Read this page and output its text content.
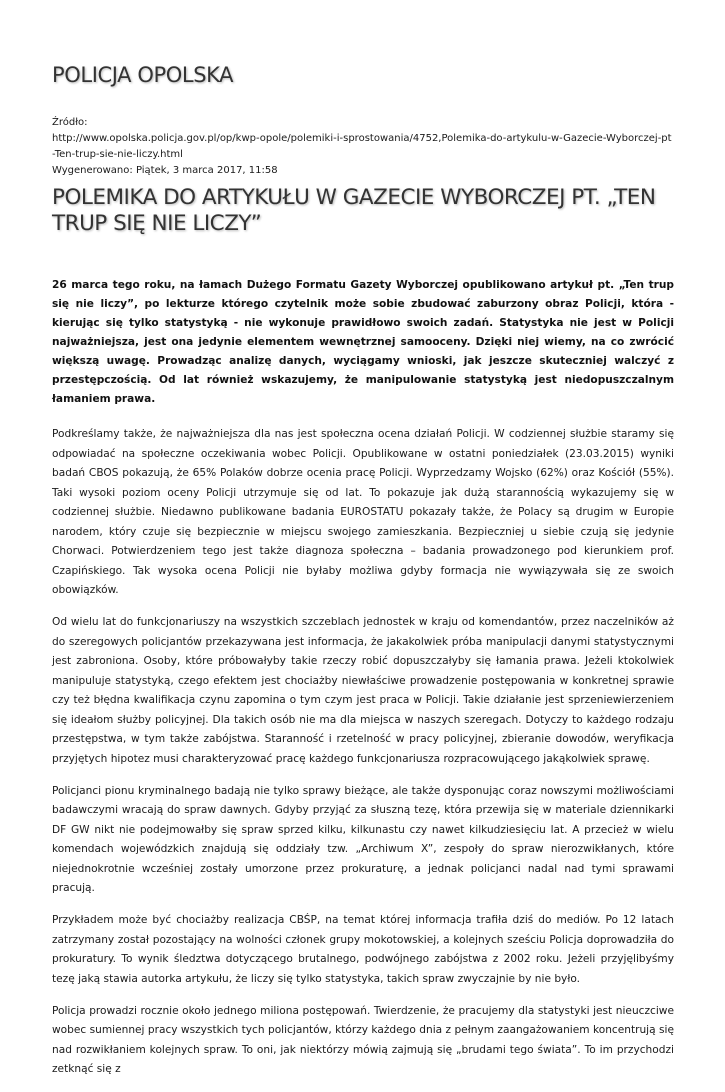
POLICJA OPOLSKA
Źródło:
http://www.opolska.policja.gov.pl/op/kwp-opole/polemiki-i-sprostowania/4752,Polemika-do-artykulu-w-Gazecie-Wyborczej-pt-Ten-trup-sie-nie-liczy.html
Wygenerowano: Piątek, 3 marca 2017, 11:58
POLEMIKA DO ARTYKUŁU W GAZECIE WYBORCZEJ PT. „TEN TRUP SIĘ NIE LICZY”

26 marca tego roku, na łamach Dużego Formatu Gazety Wyborczej opublikowano artykuł pt. „Ten trup się nie liczy”, po lekturze którego czytelnik może sobie zbudować zaburzony obraz Policji, która - kierując się tylko statystyką - nie wykonuje prawidłowo swoich zadań. Statystyka nie jest w Policji najważniejsza, jest ona jedynie elementem wewnętrznej samooceny. Dzięki niej wiemy, na co zwrócić większą uwagę. Prowadząc analizę danych, wyciągamy wnioski, jak jeszcze skuteczniej walczyć z przestępczością. Od lat również wskazujemy, że manipulowanie statystyką jest niedopuszczalnym łamaniem prawa.

Podkreślamy także, że najważniejsza dla nas jest społeczna ocena działań Policji. W codziennej służbie staramy się odpowiadać na społeczne oczekiwania wobec Policji. Opublikowane w ostatni poniedziałek (23.03.2015) wyniki badań CBOS pokazują, że 65% Polaków dobrze ocenia pracę Policji. Wyprzedzamy Wojsko (62%) oraz Kościół (55%). Taki wysoki poziom oceny Policji utrzymuje się od lat. To pokazuje jak dużą starannością wykazujemy się w codziennej służbie. Niedawno publikowane badania EUROSTATU pokazały także, że Polacy są drugim w Europie narodem, który czuje się bezpiecznie w miejscu swojego zamieszkania. Bezpieczniej u siebie czują się jedynie Chorwaci. Potwierdzeniem tego jest także diagnoza społeczna – badania prowadzonego pod kierunkiem prof. Czapińskiego. Tak wysoka ocena Policji nie byłaby możliwa gdyby formacja nie wywiązywała się ze swoich obowiązków.

Od wielu lat do funkcjonariuszy na wszystkich szczeblach jednostek w kraju od komendantów, przez naczelników aż do szeregowych policjantów przekazywana jest informacja, że jakakolwiek próba manipulacji danymi statystycznymi jest zabroniona. Osoby, które próbowałyby takie rzeczy robić dopuszczałyby się łamania prawa. Jeżeli ktokolwiek manipuluje statystyką, czego efektem jest chociażby niewłaściwe prowadzenie postępowania w konkretnej sprawie czy też błędna kwalifikacja czynu zapomina o tym czym jest praca w Policji. Takie działanie jest sprzeniewierzeniem się ideałom służby policyjnej. Dla takich osób nie ma dla miejsca w naszych szeregach. Dotyczy to każdego rodzaju przestępstwa, w tym także zabójstwa. Staranność i rzetelność w pracy policyjnej, zbieranie dowodów, weryfikacja przyjętych hipotez musi charakteryzować pracę każdego funkcjonariusza rozpracowującego jakąkolwiek sprawę.

Policjanci pionu kryminalnego badają nie tylko sprawy bieżące, ale także dysponując coraz nowszymi możliwościami badawczymi wracają do spraw dawnych. Gdyby przyjąć za słuszną tezę, która przewija się w materiale dziennikarki DF GW nikt nie podejmowałby się spraw sprzed kilku, kilkunastu czy nawet kilkudziesięciu lat. A przecież w wielu komendach wojewódzkich znajdują się oddziały tzw. „Archiwum X”, zespoły do spraw nierozwikłanych, które niejednokrotnie wcześniej zostały umorzone przez prokuraturę, a jednak policjanci nadal nad tymi sprawami pracują.

Przykładem może być chociażby realizacja CBŚP, na temat której informacja trafiła dziś do mediów. Po 12 latach zatrzymany został pozostający na wolności członek grupy mokotowskiej, a kolejnych sześciu Policja doprowadziła do prokuratury. To wynik śledztwa dotyczącego brutalnego, podwójnego zabójstwa z 2002 roku. Jeżeli przyjęlibyśmy tezę jaką stawia autorka artykułu, że liczy się tylko statystyka, takich spraw zwyczajnie by nie było.

Policja prowadzi rocznie około jednego miliona postępowań. Twierdzenie, że pracujemy dla statystyki jest nieuczciwe wobec sumiennej pracy wszystkich tych policjantów, którzy każdego dnia z pełnym zaangażowaniem koncentrują się nad rozwikłaniem kolejnych spraw. To oni, jak niektórzy mówią zajmują się „brudami tego świata”. To im przychodzi zetknąć się z
